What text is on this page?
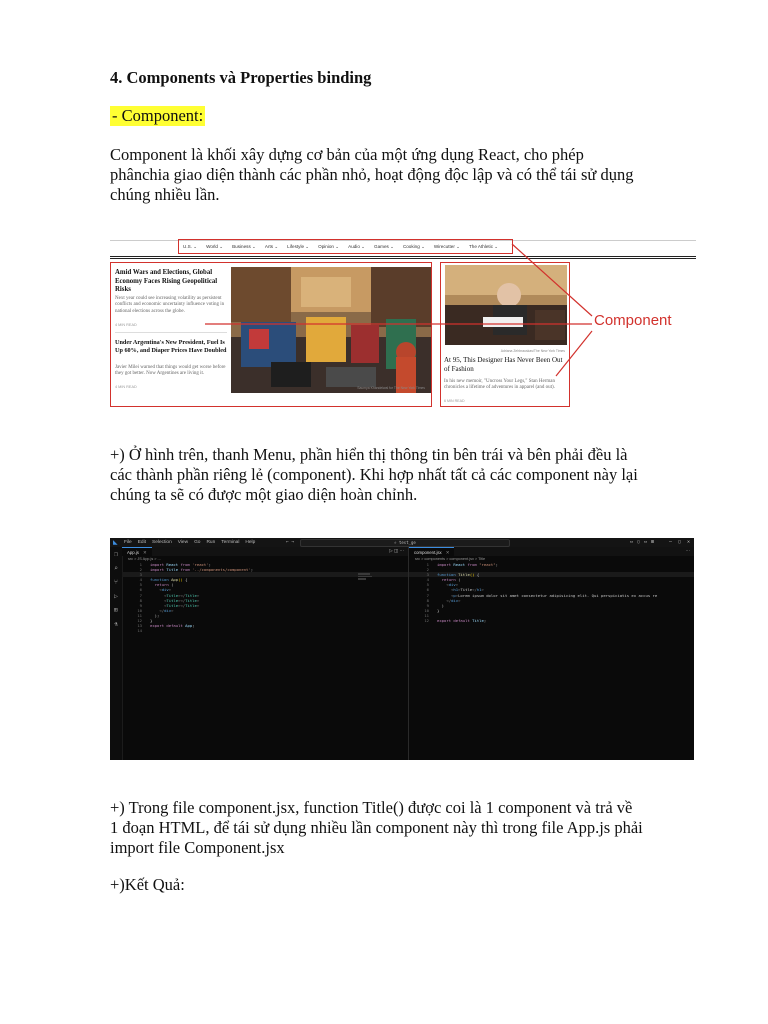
4. Components và Properties binding
- Component:
Component là khối xây dựng cơ bản của một ứng dụng React, cho phép
phânchia giao diện thành các phần nhỏ, hoạt động độc lập và có thể tái sử dụng
chúng nhiều lần.
U.S. ⌄ World ⌄ Business ⌄ Arts ⌄ Lifestyle ⌄ Opinion ⌄ Audio ⌄ Games ⌄ Cooking ⌄ Wirecutter ⌄ The Athletic ⌄
Amid Wars and Elections, Global Economy Faces Rising Geopolitical Risks
Next year could see increasing volatility as persistent conflicts and economic uncertainty influence voting in national elections across the globe.
4 MIN READ
Under Argentina's New President, Fuel Is Up 60%, and Diaper Prices Have Doubled
Javier Milei warned that things would get worse before they got better. Now Argentines are living it.
4 MIN READ	Saumya Khandelwal for The New York Times
Adriana Zehbrauskas/The New York Times
At 95, This Designer Has Never Been Out of Fashion
In his new memoir, "Uncross Your Legs," Stan Herman chronicles a lifetime of adventures in apparel (and out).
6 MIN READ
Component
+) Ở hình trên, thanh Menu, phần hiển thị thông tin bên trái và bên phải đều là
các thành phần riêng lẻ (component). Khi hợp nhất tất cả các component này lại
chúng ta sẽ có được một giao diện hoàn chỉnh.
◣	File Edit Selection View Go Run Terminal Help	← →	⌕ test_ge	▭ ▯ ▭ ⊞	— ▢ ✕
❐
⌕
⑂
▷
⊞
⚗
App.js ✕	▷ ◫ ⋯
src > JS App.js > ...
1 import React from 'react';
2 import Title from '../components/component';
3
4 function App() {
5	return (
6	<div>
7	<Title></Title>
8	<Title></Title>
9	<Title></Title>
10	</div>
11  );
12 }
13 export default App;
14
component.jsx ✕	⋯
src > components > component.jsx > Title
1 import React from "react";
2
3 function Title() {
4	return (
5	<div>
6	<h1>Title</h1>
7	<p>Lorem ipsum dolor sit amet consectetur adipisicing elit. Qui perspiciatis ex accus re
8	</div>
9  )
10 }
11
12 export default Title;
+) Trong file component.jsx, function Title() được coi là 1 component và trả về
1 đoạn HTML, để tái sử dụng nhiều lần component này thì trong file App.js phải
import file Component.jsx
+)Kết Quả:
